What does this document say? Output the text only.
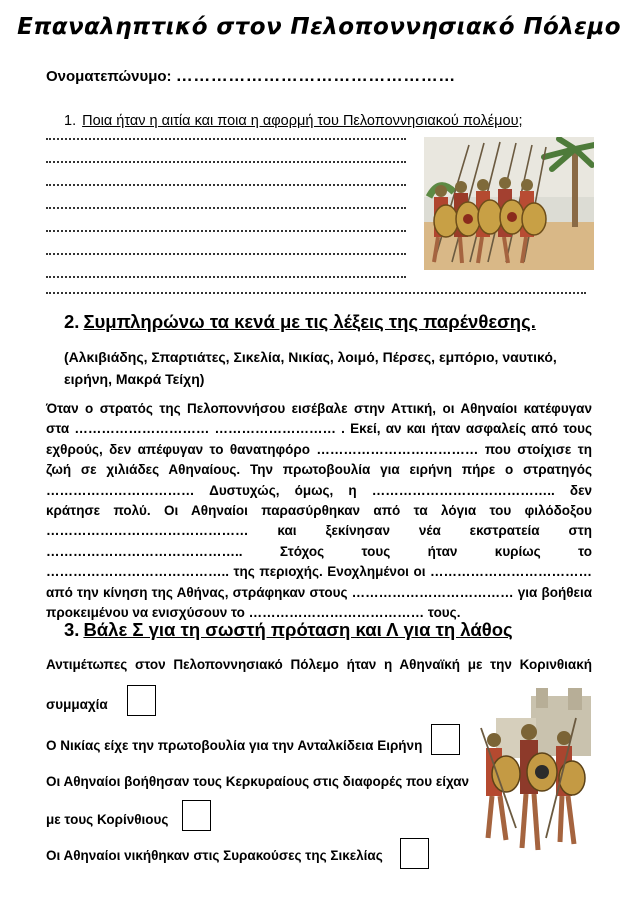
Επαναληπτικό στον Πελοποννησιακό Πόλεμο
Ονοματεπώνυμο: …………………………………………
1. Ποια ήταν η αιτία και ποια η αφορμή του Πελοποννησιακού πολέμου;
2. Συμπληρώνω τα κενά με τις λέξεις της παρένθεσης.
(Αλκιβιάδης, Σπαρτιάτες, Σικελία, Νικίας, λοιμό, Πέρσες, εμπόριο, ναυτικό, ειρήνη, Μακρά Τείχη)
Όταν ο στρατός της Πελοποννήσου εισέβαλε στην Αττική, οι Αθηναίοι κατέφυγαν στα ………………………… ……………………… . Εκεί, αν και ήταν ασφαλείς από τους εχθρούς, δεν απέφυγαν το θανατηφόρο ……………………………… που στοίχισε τη ζωή σε χιλιάδες Αθηναίους. Την πρωτοβουλία για ειρήνη πήρε ο στρατηγός …………………………… Δυστυχώς, όμως, η ………………………………….. δεν κράτησε πολύ. Οι Αθηναίοι παρασύρθηκαν από τα λόγια του φιλόδοξου ……………………………………… και ξεκίνησαν νέα εκστρατεία στη …………………………………….. Στόχος τους ήταν κυρίως το ………………………………….. της περιοχής. Ενοχλημένοι οι ……………………………… από την κίνηση της Αθήνας, στράφηκαν στους ……………………………… για βοήθεια προκειμένου να ενισχύσουν το ………………………………… τους.
3. Βάλε Σ για τη σωστή πρόταση και Λ για τη λάθος
Αντιμέτωπες στον Πελοποννησιακό Πόλεμο ήταν η Αθηναϊκή με την Κορινθιακή
συμμαχία
Ο Νικίας είχε την πρωτοβουλία για την Ανταλκίδεια Ειρήνη
Οι Αθηναίοι βοήθησαν τους Κερκυραίους στις διαφορές που είχαν
με τους Κορίνθιους
Οι Αθηναίοι νικήθηκαν στις Συρακούσες της Σικελίας
